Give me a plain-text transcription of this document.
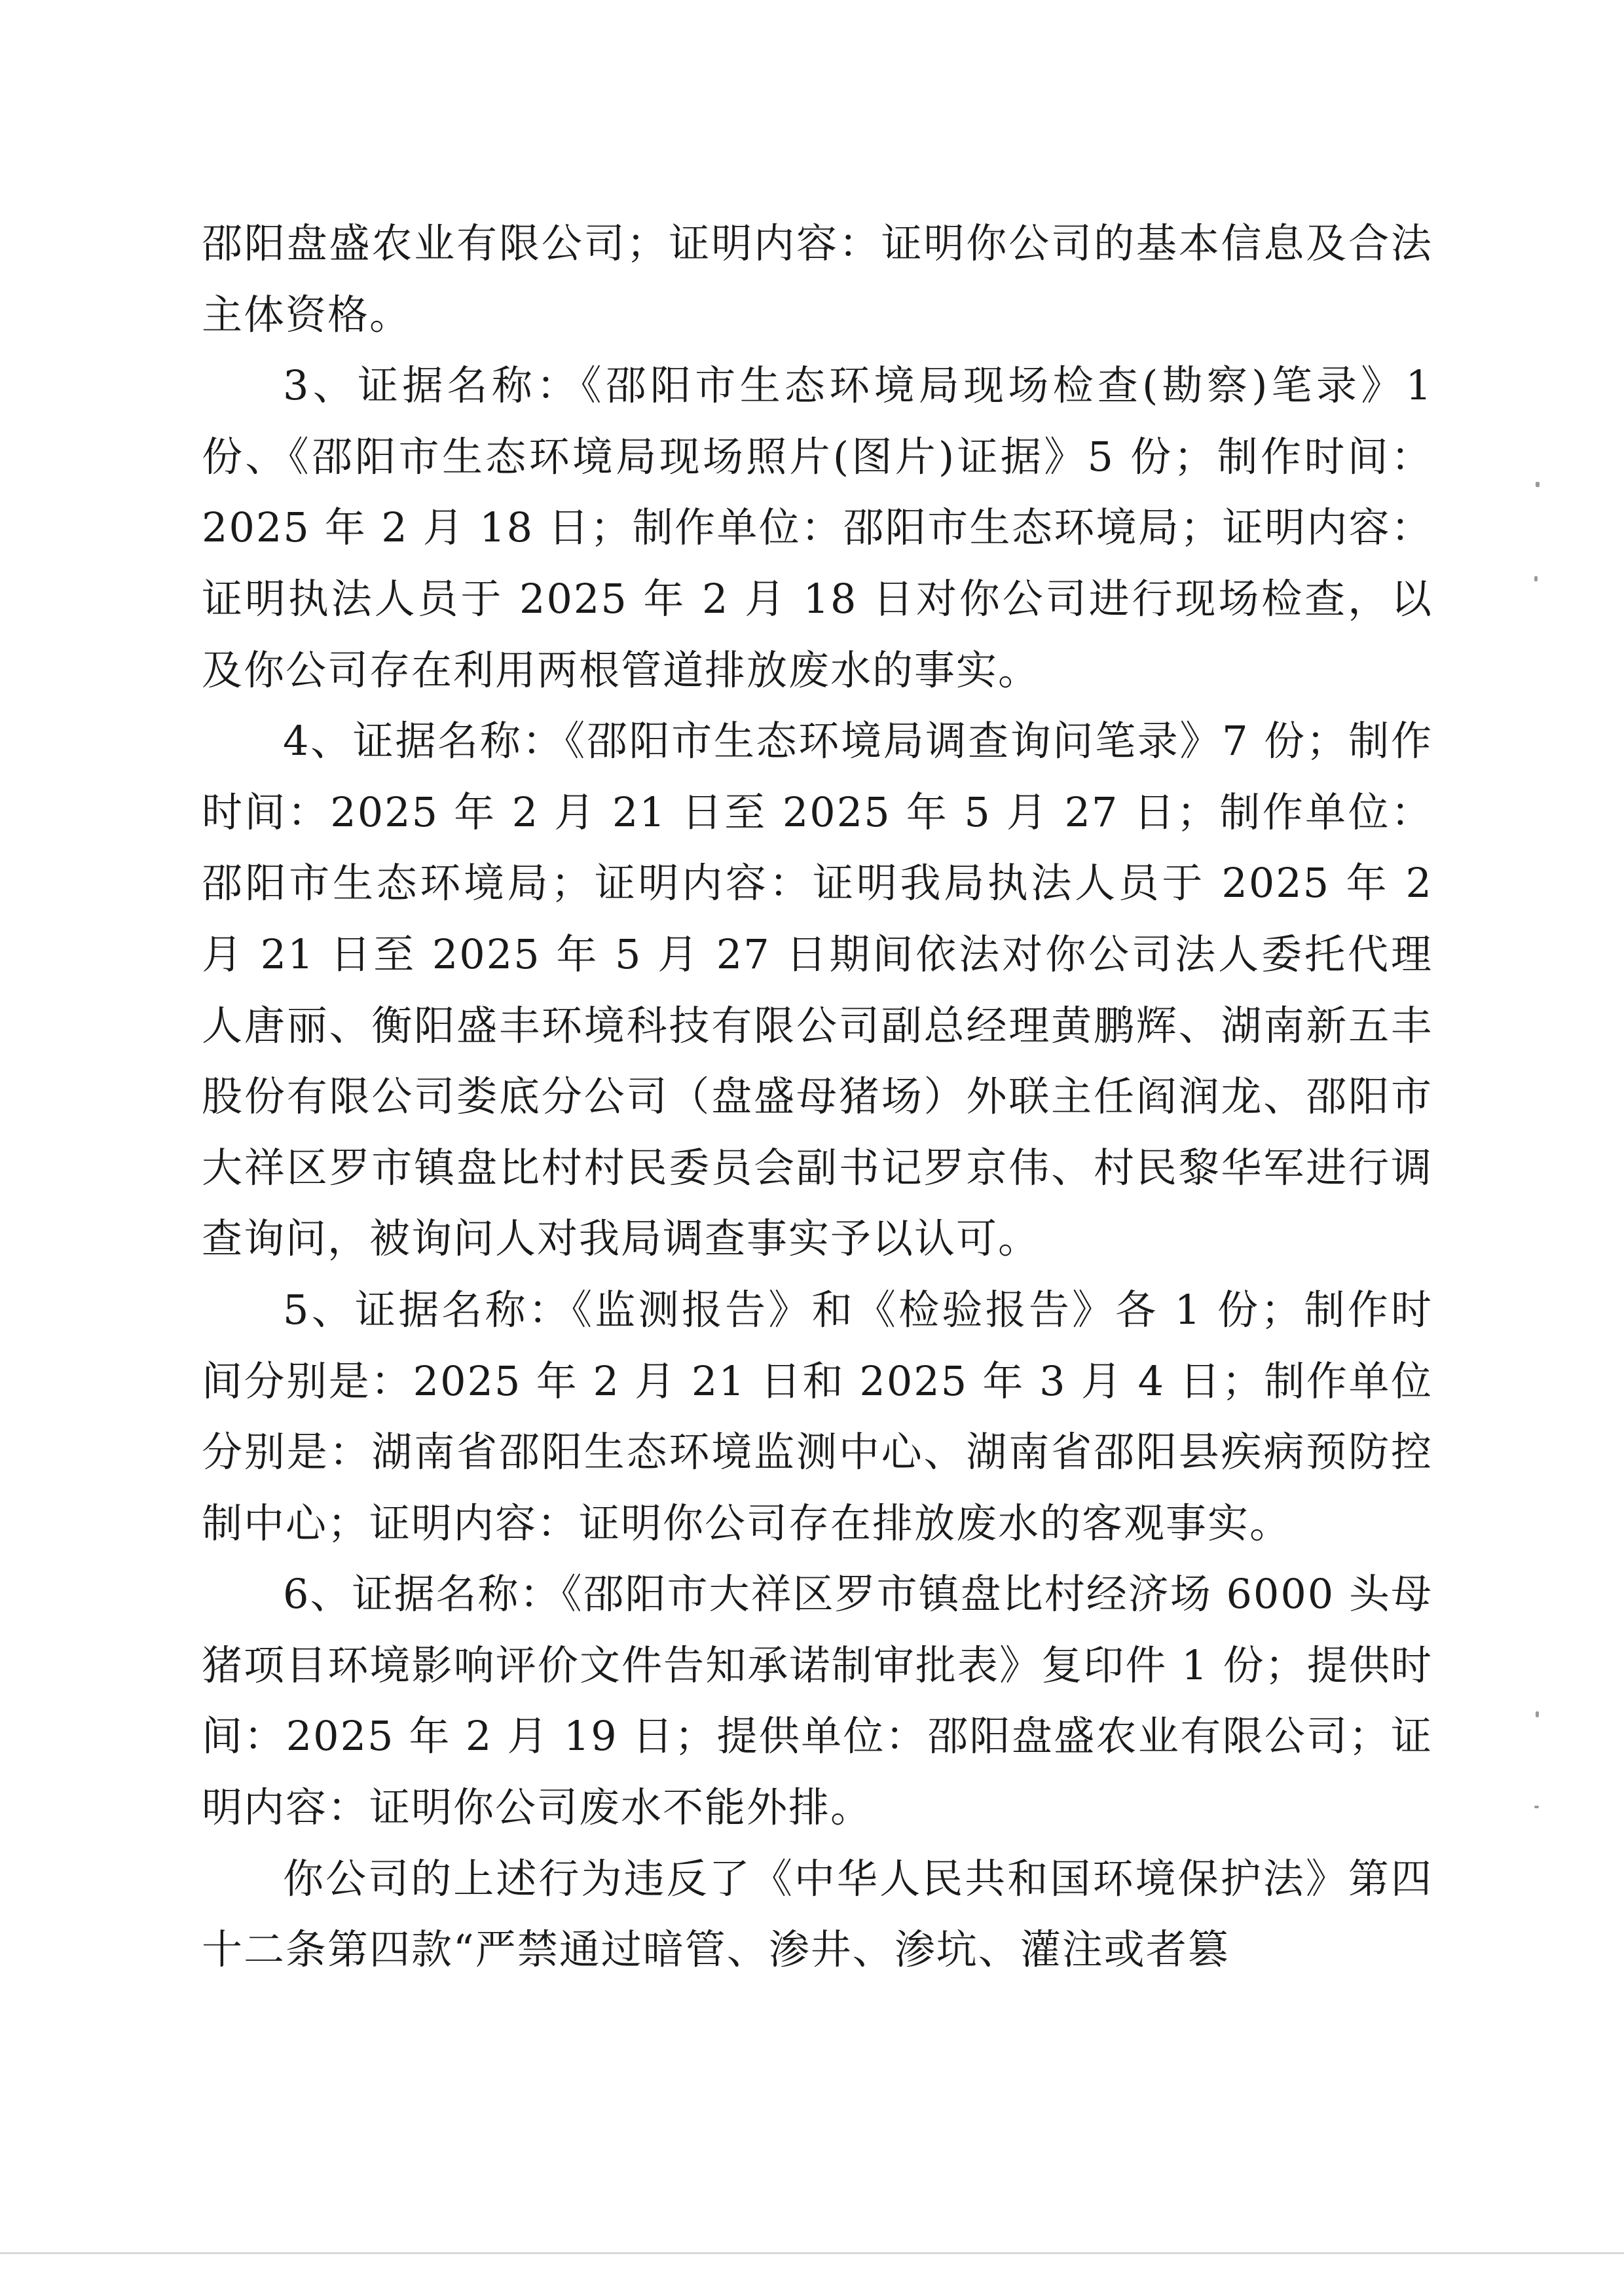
邵阳盘盛农业有限公司；证明内容：证明你公司的基本信息及合法主体资格。

3、证据名称：《邵阳市生态环境局现场检查(勘察)笔录》1 份、《邵阳市生态环境局现场照片(图片)证据》5 份；制作时间：2025 年 2 月 18 日；制作单位：邵阳市生态环境局；证明内容：证明执法人员于 2025 年 2 月 18 日对你公司进行现场检查，以及你公司存在利用两根管道排放废水的事实。

4、证据名称：《邵阳市生态环境局调查询问笔录》7 份；制作时间：2025 年 2 月 21 日至 2025 年 5 月 27 日；制作单位：邵阳市生态环境局；证明内容：证明我局执法人员于 2025 年 2 月 21 日至 2025 年 5 月 27 日期间依法对你公司法人委托代理人唐丽、衡阳盛丰环境科技有限公司副总经理黄鹏辉、湖南新五丰股份有限公司娄底分公司（盘盛母猪场）外联主任阎润龙、邵阳市大祥区罗市镇盘比村村民委员会副书记罗京伟、村民黎华军进行调查询问，被询问人对我局调查事实予以认可。

5、证据名称：《监测报告》和《检验报告》各 1 份；制作时间分别是：2025 年 2 月 21 日和 2025 年 3 月 4 日；制作单位分别是：湖南省邵阳生态环境监测中心、湖南省邵阳县疾病预防控制中心；证明内容：证明你公司存在排放废水的客观事实。

6、证据名称：《邵阳市大祥区罗市镇盘比村经济场 6000 头母猪项目环境影响评价文件告知承诺制审批表》复印件 1 份；提供时间：2025 年 2 月 19 日；提供单位：邵阳盘盛农业有限公司；证明内容：证明你公司废水不能外排。

你公司的上述行为违反了《中华人民共和国环境保护法》第四十二条第四款“严禁通过暗管、渗井、渗坑、灌注或者篡
